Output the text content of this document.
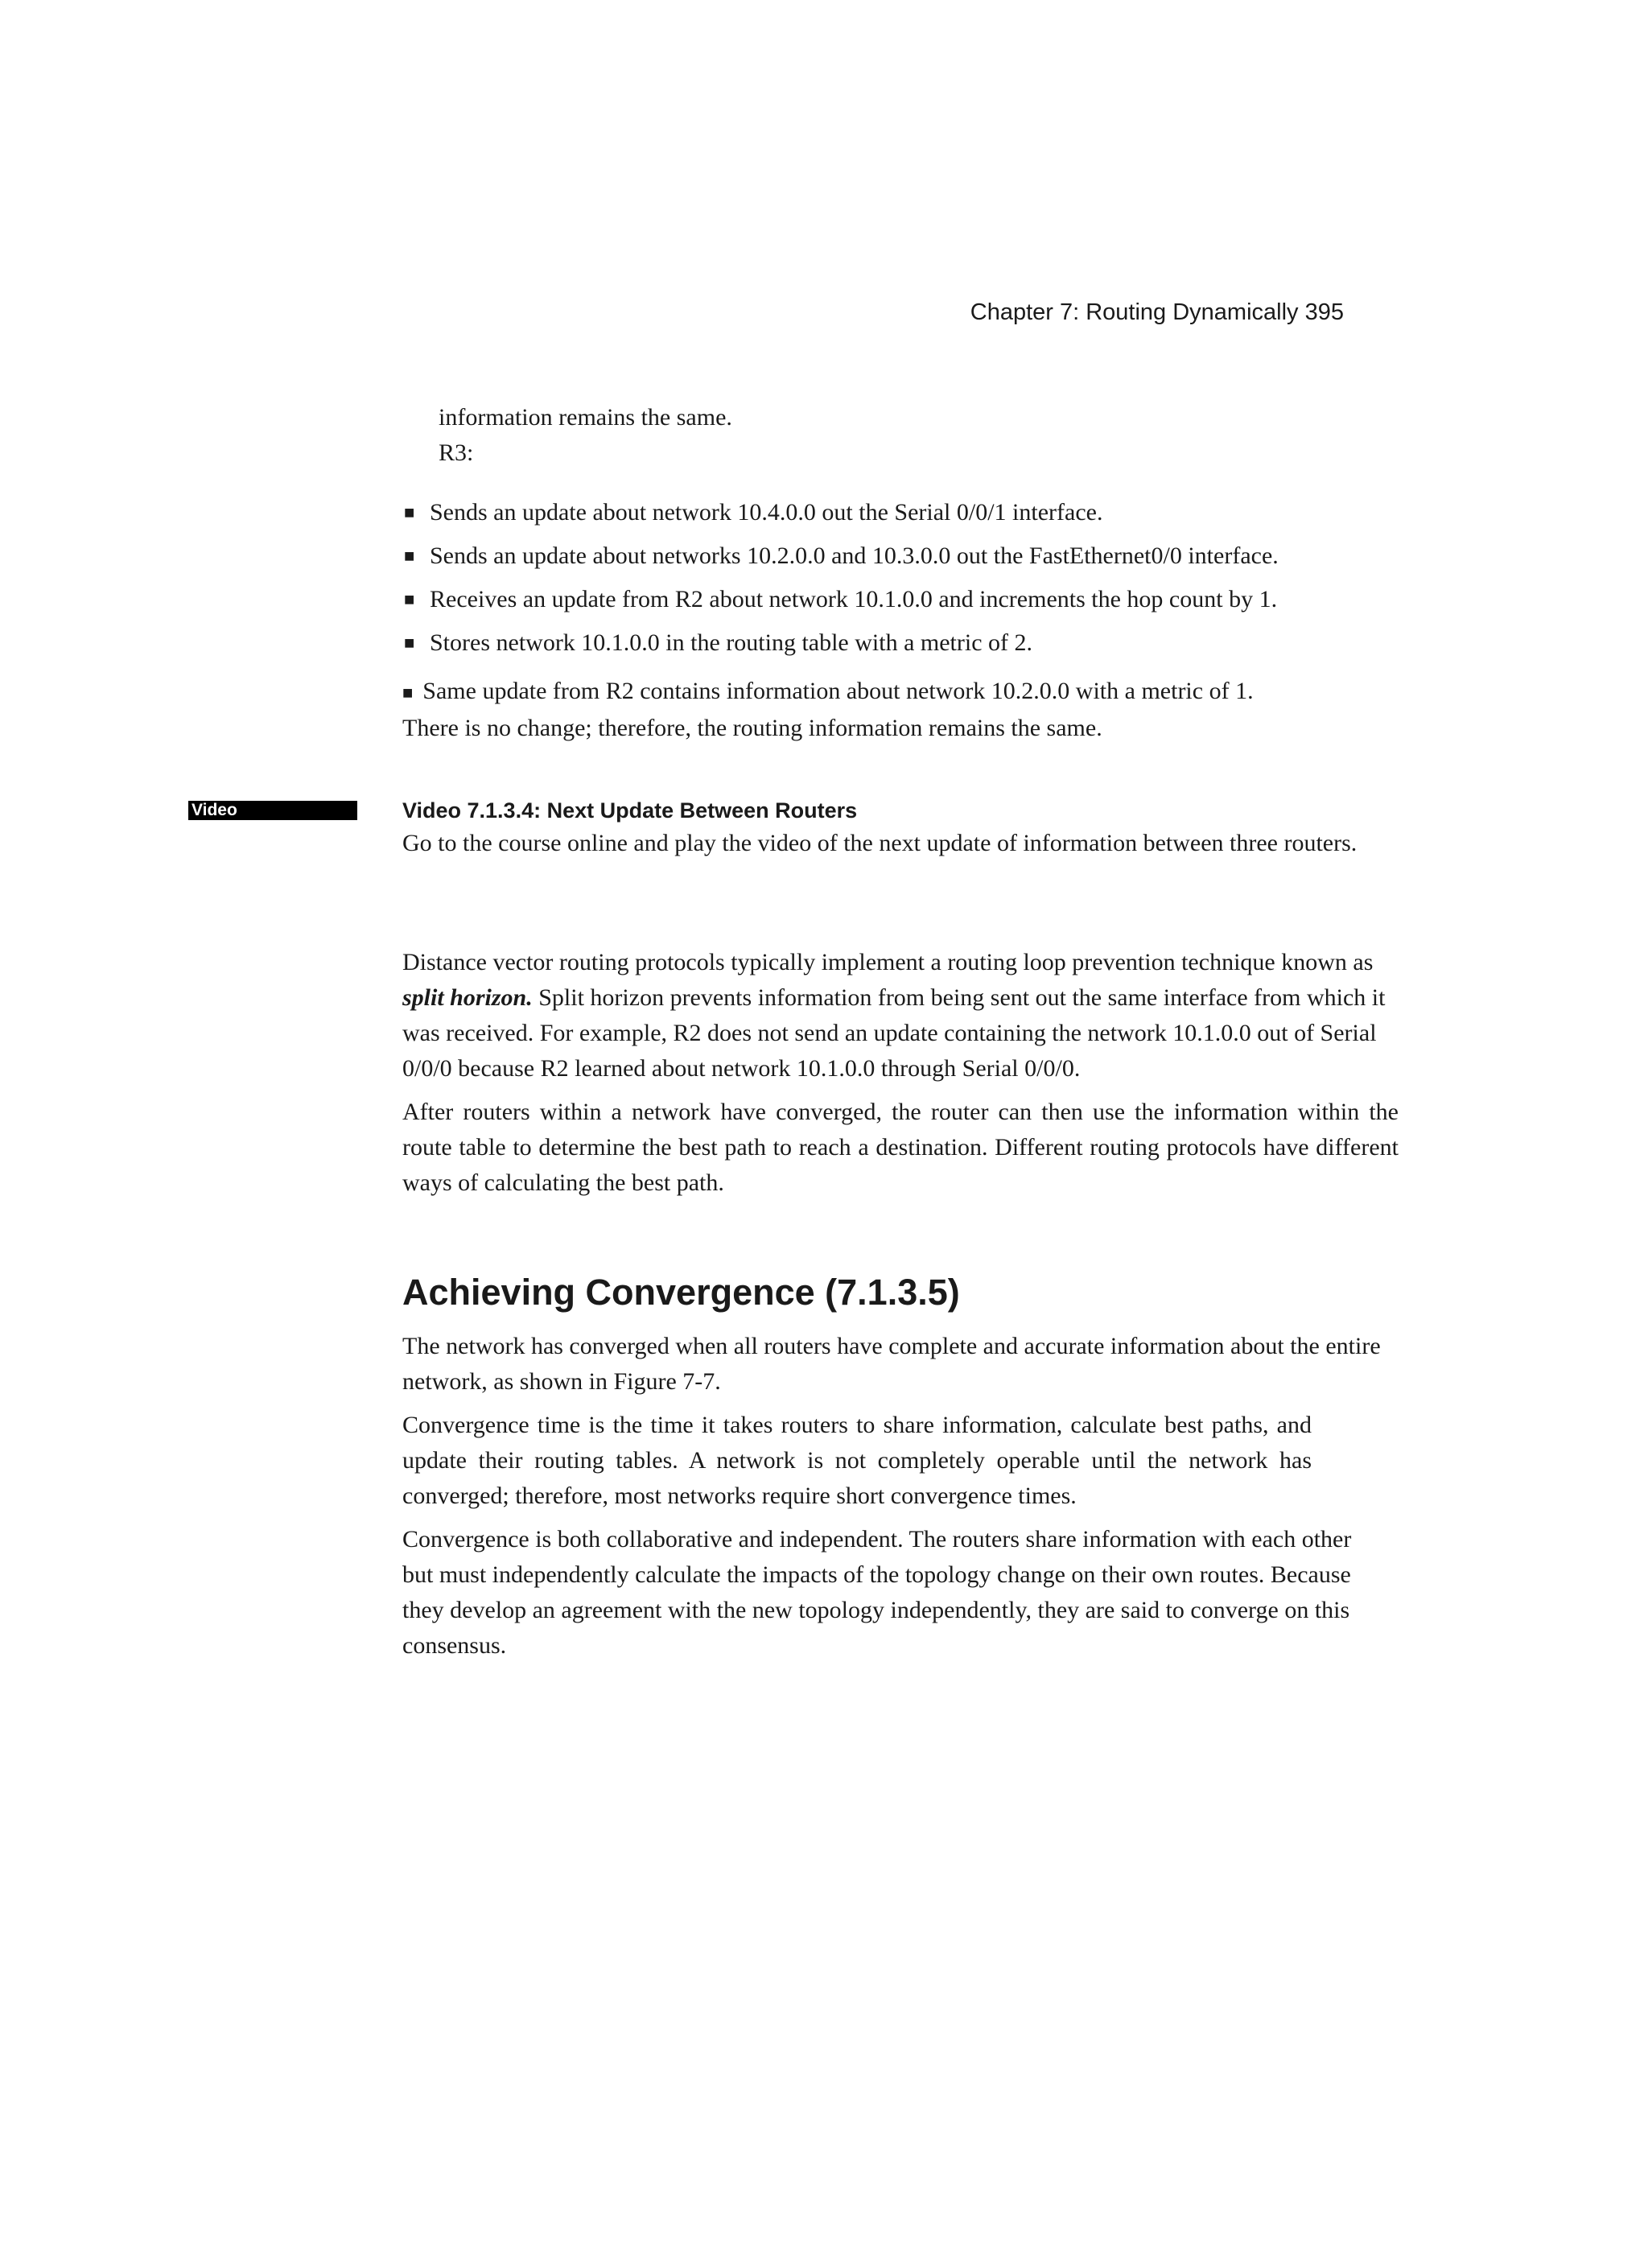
Chapter 7: Routing Dynamically 395

information remains the same.

R3:

■ Sends an update about network 10.4.0.0 out the Serial 0/0/1 interface.
■ Sends an update about networks 10.2.0.0 and 10.3.0.0 out the FastEthernet0/0 interface.
■ Receives an update from R2 about network 10.1.0.0 and increments the hop count by 1.
■ Stores network 10.1.0.0 in the routing table with a metric of 2.

■ Same update from R2 contains information about network 10.2.0.0 with a metric of 1.

There is no change; therefore, the routing information remains the same.

Video	Video 7.1.3.4: Next Update Between Routers

Go to the course online and play the video of the next update of information between three routers.

Distance vector routing protocols typically implement a routing loop prevention technique known as split horizon. Split horizon prevents information from being sent out the same interface from which it was received. For example, R2 does not send an update containing the network 10.1.0.0 out of Serial 0/0/0 because R2 learned about network 10.1.0.0 through Serial 0/0/0.

After routers within a network have converged, the router can then use the information within the route table to determine the best path to reach a destination. Different routing protocols have different ways of calculating the best path.

Achieving Convergence (7.1.3.5)

The network has converged when all routers have complete and accurate information about the entire network, as shown in Figure 7-7.

Convergence time is the time it takes routers to share information, calculate best paths, and update their routing tables. A network is not completely operable until the network has converged; therefore, most networks require short convergence times.

Convergence is both collaborative and independent. The routers share information with each other but must independently calculate the impacts of the topology change on their own routes. Because they develop an agreement with the new topology independently, they are said to converge on this consensus.
